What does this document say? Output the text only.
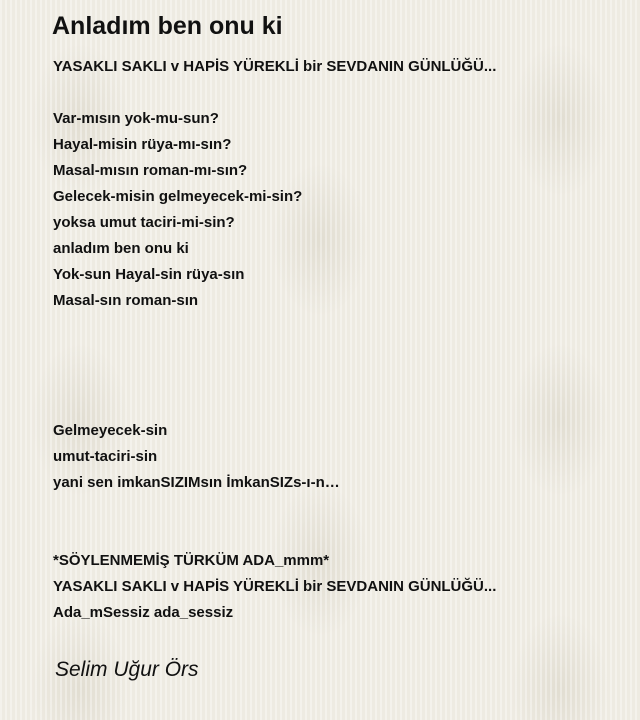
Anladım ben onu ki
YASAKLI SAKLI v HAPİS YÜREKLİ bir SEVDANIN GÜNLÜĞÜ...
Var-mısın yok-mu-sun?
Hayal-misin rüya-mı-sın?
Masal-mısın roman-mı-sın?
Gelecek-misin gelmeyecek-mi-sin?
yoksa umut taciri-mi-sin?
anladım ben onu ki
Yok-sun Hayal-sin rüya-sın
Masal-sın roman-sın
Gelmeyecek-sin
umut-taciri-sin
yani sen imkanSIZIMsın İmkanSIZs-ı-n…
*SÖYLENMEMİŞ TÜRKÜM ADA_mmm*
YASAKLI SAKLI v HAPİS YÜREKLİ bir SEVDANIN GÜNLÜĞÜ...
Ada_mSessiz ada_sessiz
Selim Uğur Örs
